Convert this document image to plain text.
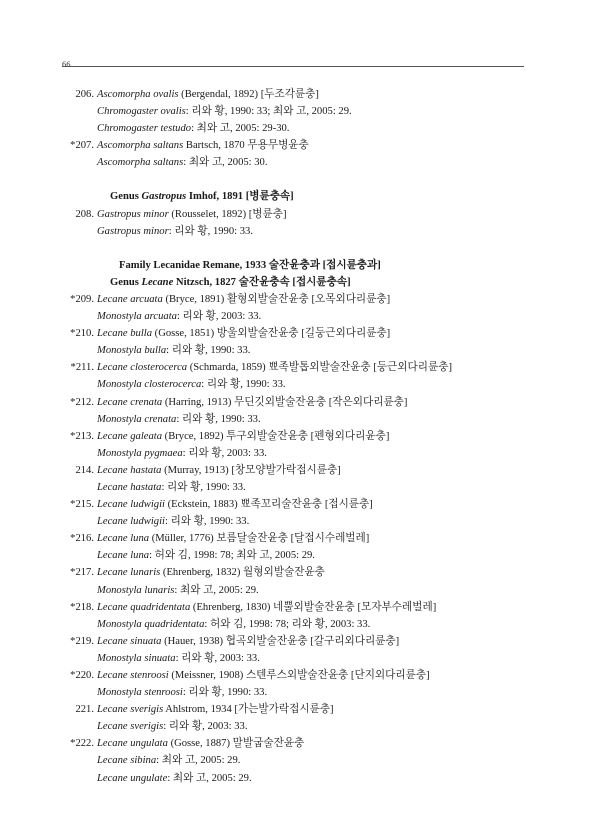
66
206. Ascomorpha ovalis (Bergendal, 1892) [두조각륜충]
Chromogaster ovalis: 리와 황, 1990: 33; 최와 고, 2005: 29.
Chromogaster testudo: 최와 고, 2005: 29-30.
*207. Ascomorpha saltans Bartsch, 1870 무용무병윤충
Ascomorpha saltans: 최와 고, 2005: 30.
Genus Gastropus Imhof, 1891 [병륜충속]
208. Gastropus minor (Rousselet, 1892) [병륜충]
Gastropus minor: 리와 황, 1990: 33.
Family Lecanidae Remane, 1933 술잔윤충과 [접시륜충과]
Genus Lecane Nitzsch, 1827 술잔윤충속 [접시륜충속]
*209. Lecane arcuata (Bryce, 1891) 활형외발술잔윤충 [오목외다리륜충]
Monostyla arcuata: 리와 황, 2003: 33.
*210. Lecane bulla (Gosse, 1851) 방울외발술잔윤충 [길둥근외다리륜충]
Monostyla bulla: 리와 황, 1990: 33.
*211. Lecane closterocerca (Schmarda, 1859) 뾰족발톱외발술잔윤충 [둥근외다리륜충]
Monostyla closterocerca: 리와 황, 1990: 33.
*212. Lecane crenata (Harring, 1913) 무딘깃외발술잔윤충 [작은외다리륜충]
Monostyla crenata: 리와 황, 1990: 33.
*213. Lecane galeata (Bryce, 1892) 투구외발술잔윤충 [펜형외다리윤충]
Monostyla pygmaea: 리와 황, 2003: 33.
214. Lecane hastata (Murray, 1913) [창모양발가락접시륜충]
Lecane hastata: 리와 황, 1990: 33.
*215. Lecane ludwigii (Eckstein, 1883) 뾰족꼬리술잔윤충 [접시륜충]
Lecane ludwigii: 리와 황, 1990: 33.
*216. Lecane luna (Müller, 1776) 보름달술잔윤충 [달접시수레벌레]
Lecane luna: 허와 김, 1998: 78; 최와 고, 2005: 29.
*217. Lecane lunaris (Ehrenberg, 1832) 월형외발술잔윤충
Monostyla lunaris: 최와 고, 2005: 29.
*218. Lecane quadridentata (Ehrenberg, 1830) 네뿔외발술잔윤충 [모자부수레벌레]
Monostyla quadridentata: 허와 김, 1998: 78; 리와 황, 2003: 33.
*219. Lecane sinuata (Hauer, 1938) 협곡외발술잔윤충 [갈구리외다리륜충]
Monostyla sinuata: 리와 황, 2003: 33.
*220. Lecane stenroosi (Meissner, 1908) 스텐루스외발술잔윤충 [단지외다리륜충]
Monostyla stenroosi: 리와 황, 1990: 33.
221. Lecane sverigis Ahlstrom, 1934 [가는발가락접시륜충]
Lecane sverigis: 리와 황, 2003: 33.
*222. Lecane ungulata (Gosse, 1887) 말발굽술잔윤충
Lecane sibina: 최와 고, 2005: 29.
Lecane ungulate: 최와 고, 2005: 29.
